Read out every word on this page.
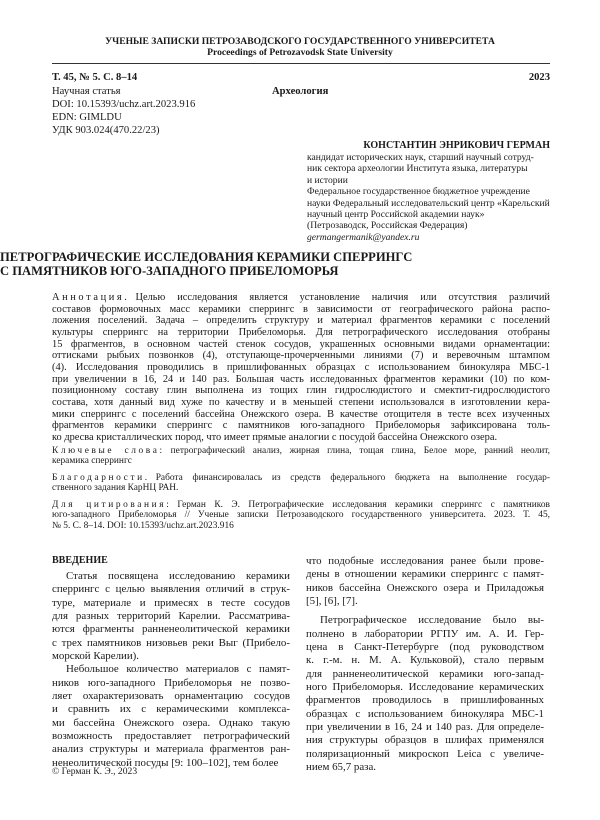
УЧЕНЫЕ ЗАПИСКИ ПЕТРОЗАВОДСКОГО ГОСУДАРСТВЕННОГО УНИВЕРСИТЕТА
Proceedings of Petrozavodsk State University
Т. 45, № 5. С. 8–14	2023
Научная статья	Археология
DOI: 10.15393/uchz.art.2023.916
EDN: GIMLDU
УДК 903.024(470.22/23)
КОНСТАНТИН ЭНРИКОВИЧ ГЕРМАН
кандидат исторических наук, старший научный сотруд-
ник сектора археологии Института языка, литературы
и истории
Федеральное государственное бюджетное учреждение
науки Федеральный исследовательский центр «Карельский
научный центр Российской академии наук»
(Петрозаводск, Российская Федерация)
germangermanik@yandex.ru
ПЕТРОГРАФИЧЕСКИЕ ИССЛЕДОВАНИЯ КЕРАМИКИ СПЕРРИНГС
С ПАМЯТНИКОВ ЮГО-ЗАПАДНОГО ПРИБЕЛОМОРЬЯ
Аннотация. Целью исследования является установление наличия или отсутствия различий
составов формовочных масс керамики сперрингс в зависимости от географического района распо-
ложения поселений. Задача – определить структуру и материал фрагментов керамики с поселений
культуры сперрингс на территории Прибеломорья. Для петрографического исследования отобраны
15 фрагментов, в основном частей стенок сосудов, украшенных основными видами орнаментации:
оттисками рыбьих позвонков (4), отступающе-прочерченными линиями (7) и веревочным штампом
(4). Исследования проводились в пришлифованных образцах с использованием бинокуляра МБС-1
при увеличении в 16, 24 и 140 раз. Большая часть исследованных фрагментов керамики (10) по ком-
позиционному составу глин выполнена из тощих глин гидрослюдистого и смектит-гидрослюдистого
состава, хотя данный вид хуже по качеству и в меньшей степени использовался в изготовлении кера-
мики сперрингс с поселений бассейна Онежского озера. В качестве отощителя в тесте всех изученных
фрагментов керамики сперрингс с памятников юго-западного Прибеломорья зафиксирована толь-
ко дресва кристаллических пород, что имеет прямые аналогии с посудой бассейна Онежского озера.
Ключевые слова: петрографический анализ, жирная глина, тощая глина, Белое море, ранний неолит,
керамика сперрингс
Благодарности. Работа финансировалась из средств федерального бюджета на выполнение государ-
ственного задания КарНЦ РАН.
Для цитирования: Герман К. Э. Петрографические исследования керамики сперрингс с памятников
юго-западного Прибеломорья // Ученые записки Петрозаводского государственного университета. 2023. Т. 45,
№ 5. С. 8–14. DOI: 10.15393/uchz.art.2023.916
ВВЕДЕНИЕ
Статья посвящена исследованию керамики
сперрингс с целью выявления отличий в струк-
туре, материале и примесях в тесте сосудов
для разных территорий Карелии. Рассматрива-
ются фрагменты ранненеолитической керамики
с трех памятников низовьев реки Выг (Прибело-
морской Карелии).
Небольшое количество материалов с памят-
ников юго-западного Прибеломорья не позво-
ляет охарактеризовать орнаментацию сосудов
и сравнить их с керамическими комплекса-
ми бассейна Онежского озера. Однако такую
возможность предоставляет петрографический
анализ структуры и материала фрагментов ран-
ненеолитической посуды [9: 100–102], тем более
что подобные исследования ранее были прове-
дены в отношении керамики сперрингс с памят-
ников бассейна Онежского озера и Приладожья
[5], [6], [7].
Петрографическое исследование было вы-
полнено в лаборатории РГПУ им. А. И. Гер-
цена в Санкт-Петербурге (под руководством
к. г.-м. н. М. А. Кульковой), стало первым
для ранненеолитической керамики юго-запад-
ного Прибеломорья. Исследование керамических
фрагментов проводилось в пришлифованных
образцах с использованием бинокуляра МБС-1
при увеличении в 16, 24 и 140 раз. Для определе-
ния структуры образцов в шлифах применялся
поляризационный микроскоп Leica с увеличе-
нием 65,7 раза.
© Герман К. Э., 2023
